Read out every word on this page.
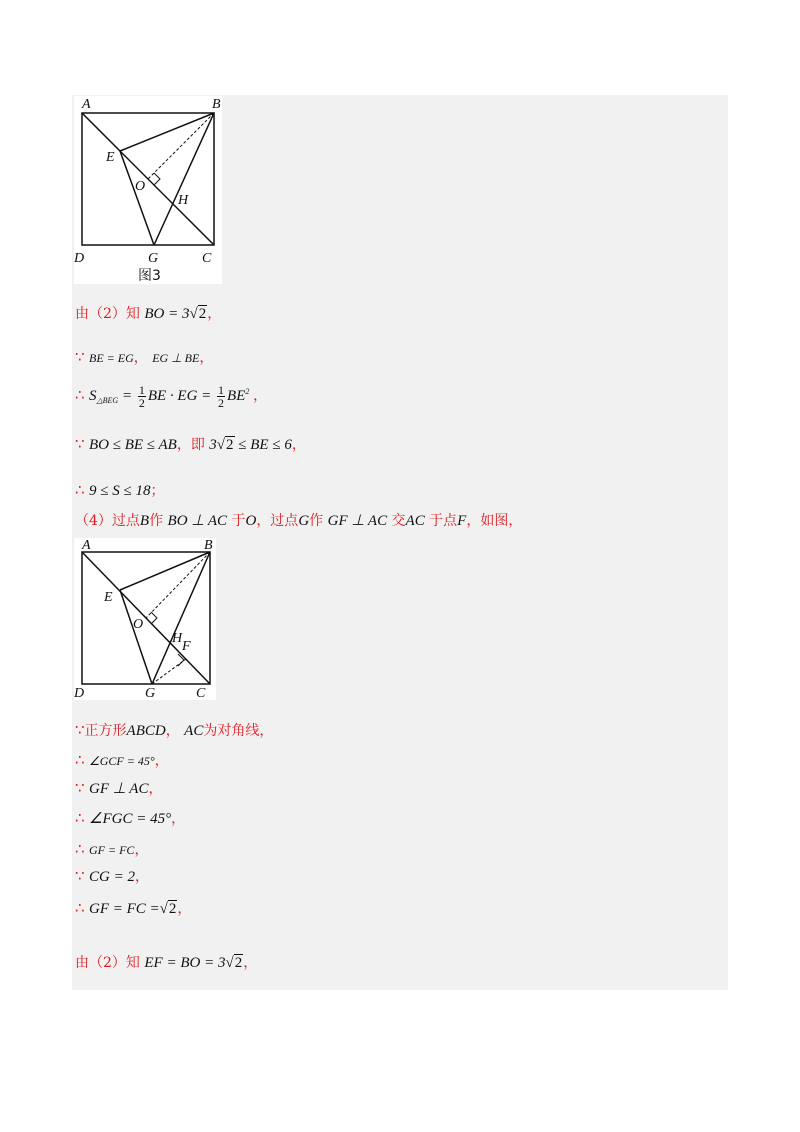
A	B
C
D
E
G
O
H
图3
由（2）知 BO = 3√2，
∵ BE = EG， EG ⊥ BE，
∴ $S_{\triangle BEG} = \frac{1}{2}$ BE · EG = $\frac{1}{2} BE^2$ ，
∵ BO ≤ BE ≤ AB，即 3√2 ≤ BE ≤ 6，
∴ 9 ≤ S ≤ 18；
（4）过点B作 BO ⊥ AC 于O，过点G作 GF ⊥ AC 交AC 于点F，如图，
A	B
C
D
E
G
O
H
F
∵正方形ABCD， AC为对角线，
∴ ∠GCF = 45°，
∵ GF ⊥ AC，
∴ ∠FGC = 45°，
∴ GF = FC，
∵ CG = 2，
∴ GF = FC =√2，
由（2）知 EF = BO = 3√2，
